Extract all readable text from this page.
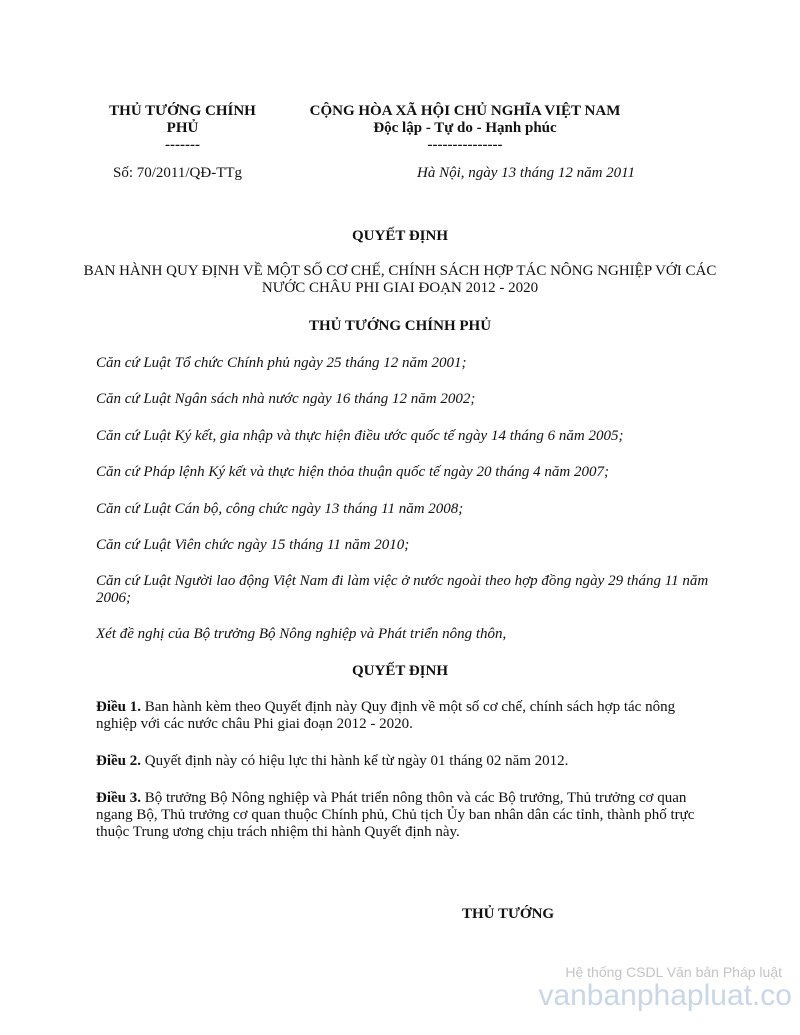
THỦ TƯỚNG CHÍNH
PHỦ
-------
CỘNG HÒA XÃ HỘI CHỦ NGHĨA VIỆT NAM
Độc lập - Tự do - Hạnh phúc
---------------
Số: 70/2011/QĐ-TTg	Hà Nội, ngày 13 tháng 12 năm 2011
QUYẾT ĐỊNH
BAN HÀNH QUY ĐỊNH VỀ MỘT SỐ CƠ CHẾ, CHÍNH SÁCH HỢP TÁC NÔNG NGHIỆP VỚI CÁC NƯỚC CHÂU PHI GIAI ĐOẠN 2012 - 2020
THỦ TƯỚNG CHÍNH PHỦ
Căn cứ Luật Tổ chức Chính phủ ngày 25 tháng 12 năm 2001;
Căn cứ Luật Ngân sách nhà nước ngày 16 tháng 12 năm 2002;
Căn cứ Luật Ký kết, gia nhập và thực hiện điều ước quốc tế ngày 14 tháng 6 năm 2005;
Căn cứ Pháp lệnh Ký kết và thực hiện thỏa thuận quốc tế ngày 20 tháng 4 năm 2007;
Căn cứ Luật Cán bộ, công chức ngày 13 tháng 11 năm 2008;
Căn cứ Luật Viên chức ngày 15 tháng 11 năm 2010;
Căn cứ Luật Người lao động Việt Nam đi làm việc ở nước ngoài theo hợp đồng ngày 29 tháng 11 năm 2006;
Xét đề nghị của Bộ trưởng Bộ Nông nghiệp và Phát triển nông thôn,
QUYẾT ĐỊNH
Điều 1. Ban hành kèm theo Quyết định này Quy định về một số cơ chế, chính sách hợp tác nông nghiệp với các nước châu Phi giai đoạn 2012 - 2020.
Điều 2. Quyết định này có hiệu lực thi hành kể từ ngày 01 tháng 02 năm 2012.
Điều 3. Bộ trưởng Bộ Nông nghiệp và Phát triển nông thôn và các Bộ trưởng, Thủ trưởng cơ quan ngang Bộ, Thủ trưởng cơ quan thuộc Chính phủ, Chủ tịch Ủy ban nhân dân các tỉnh, thành phố trực thuộc Trung ương chịu trách nhiệm thi hành Quyết định này.
THỦ TƯỚNG
Hệ thống CSDL Văn bản Pháp luật
vanbanphapluat.co
